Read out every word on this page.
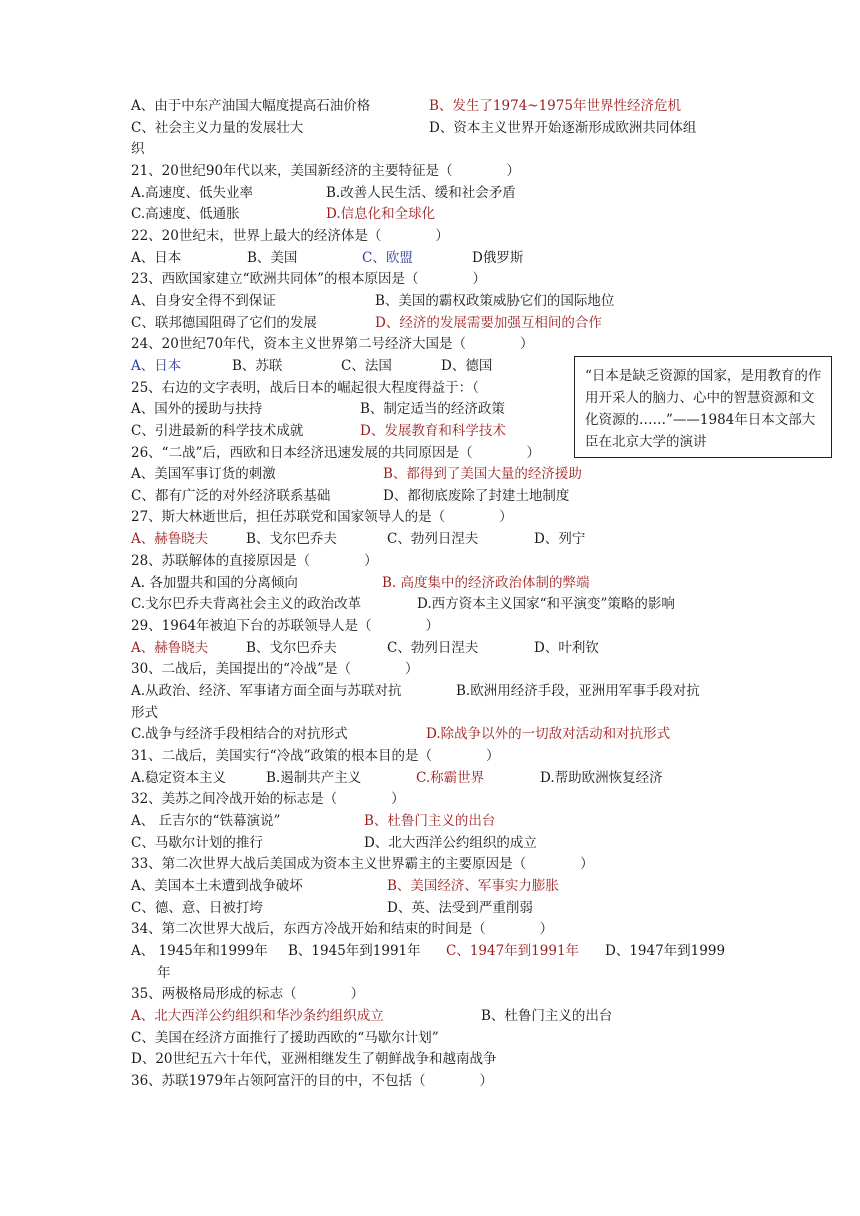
A、由于中东产油国大幅度提高石油价格	B、发生了1974~1975年世界性经济危机
C、社会主义力量的发展壮大	D、资本主义世界开始逐渐形成欧洲共同体组
织
21、20世纪90年代以来，美国新经济的主要特征是（　　　　）
A.高速度、低失业率	B.改善人民生活、缓和社会矛盾
C.高速度、低通胀	D.信息化和全球化
22、20世纪末，世界上最大的经济体是（　　　　）
A、日本	B、美国	C、欧盟	D俄罗斯
23、西欧国家建立“欧洲共同体”的根本原因是（　　　　）
A、自身安全得不到保证	B、美国的霸权政策威胁它们的国际地位
C、联邦德国阻碍了它们的发展	D、经济的发展需要加强互相间的合作
24、20世纪70年代，资本主义世界第二号经济大国是（　　　　）
A、日本	B、苏联	C、法国	D、德国
25、右边的文字表明，战后日本的崛起很大程度得益于：（
A、国外的援助与扶持	B、制定适当的经济政策
C、引进最新的科学技术成就	D、发展教育和科学技术
26、“二战”后，西欧和日本经济迅速发展的共同原因是（　　　　）
A、美国军事订货的刺激	B、都得到了美国大量的经济援助
C、都有广泛的对外经济联系基础	D、都彻底废除了封建土地制度
27、斯大林逝世后，担任苏联党和国家领导人的是（　　　　）
A、赫鲁晓夫	B、戈尔巴乔夫	C、勃列日涅夫	D、列宁
28、苏联解体的直接原因是（　　　　）
A. 各加盟共和国的分离倾向	B. 高度集中的经济政治体制的弊端
C.戈尔巴乔夫背离社会主义的政治改革	D.西方资本主义国家“和平演变”策略的影响
29、1964年被迫下台的苏联领导人是（　　　　）
A、赫鲁晓夫	B、戈尔巴乔夫	C、勃列日涅夫	D、叶利钦
30、二战后，美国提出的“冷战”是（　　　　）
A.从政治、经济、军事诸方面全面与苏联对抗	B.欧洲用经济手段，亚洲用军事手段对抗
形式
C.战争与经济手段相结合的对抗形式	D.除战争以外的一切敌对活动和对抗形式
31、二战后，美国实行“冷战”政策的根本目的是（　　　　）
A.稳定资本主义	B.遏制共产主义	C.称霸世界	D.帮助欧洲恢复经济
32、美苏之间冷战开始的标志是（　　　　）
A、 丘吉尔的“铁幕演说”	B、杜鲁门主义的出台
C、马歇尔计划的推行	D、北大西洋公约组织的成立
33、第二次世界大战后美国成为资本主义世界霸主的主要原因是（　　　　）
A、美国本土未遭到战争破坏	B、美国经济、军事实力膨胀
C、德、意、日被打垮	D、英、法受到严重削弱
34、第二次世界大战后，东西方冷战开始和结束的时间是（　　　　）
A、 1945年和1999年 B、1945年到1991年 C、1947年到1991年 D、1947年到1999
年
35、两极格局形成的标志（　　　　）
A、北大西洋公约组织和华沙条约组织成立	B、杜鲁门主义的出台
C、美国在经济方面推行了援助西欧的“马歇尔计划”
D、20世纪五六十年代，亚洲相继发生了朝鲜战争和越南战争
36、苏联1979年占领阿富汗的目的中，不包括（　　　　）
“日本是缺乏资源的国家，是用教育的作用开采人的脑力、心中的智慧资源和文化资源的……”——1984年日本文部大臣在北京大学的演讲
